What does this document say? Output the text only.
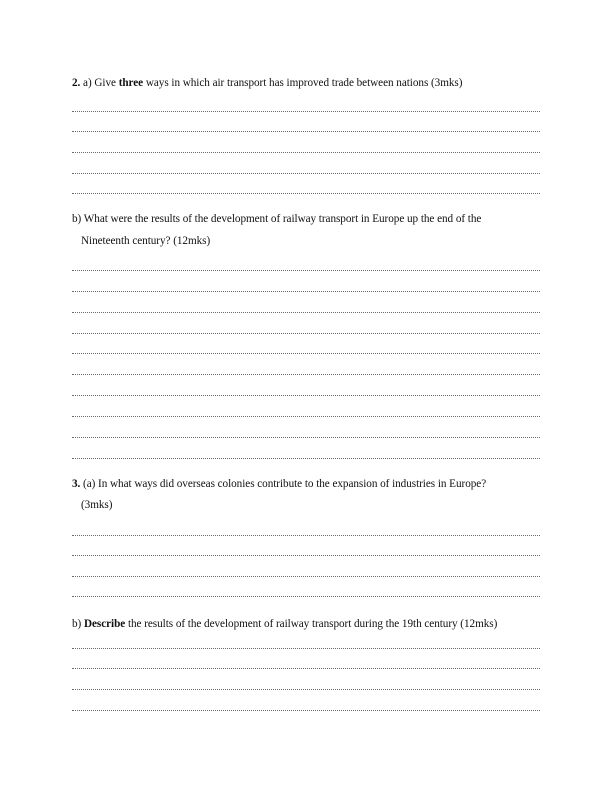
2. a) Give three ways in which air transport has improved trade between nations (3mks)
b) What were the results of the development of railway transport in Europe up the end of the
Nineteenth century? (12mks)
3. (a) In what ways did overseas colonies contribute to the expansion of industries in Europe?
(3mks)
b) Describe the results of the development of railway transport during the 19th century (12mks)
